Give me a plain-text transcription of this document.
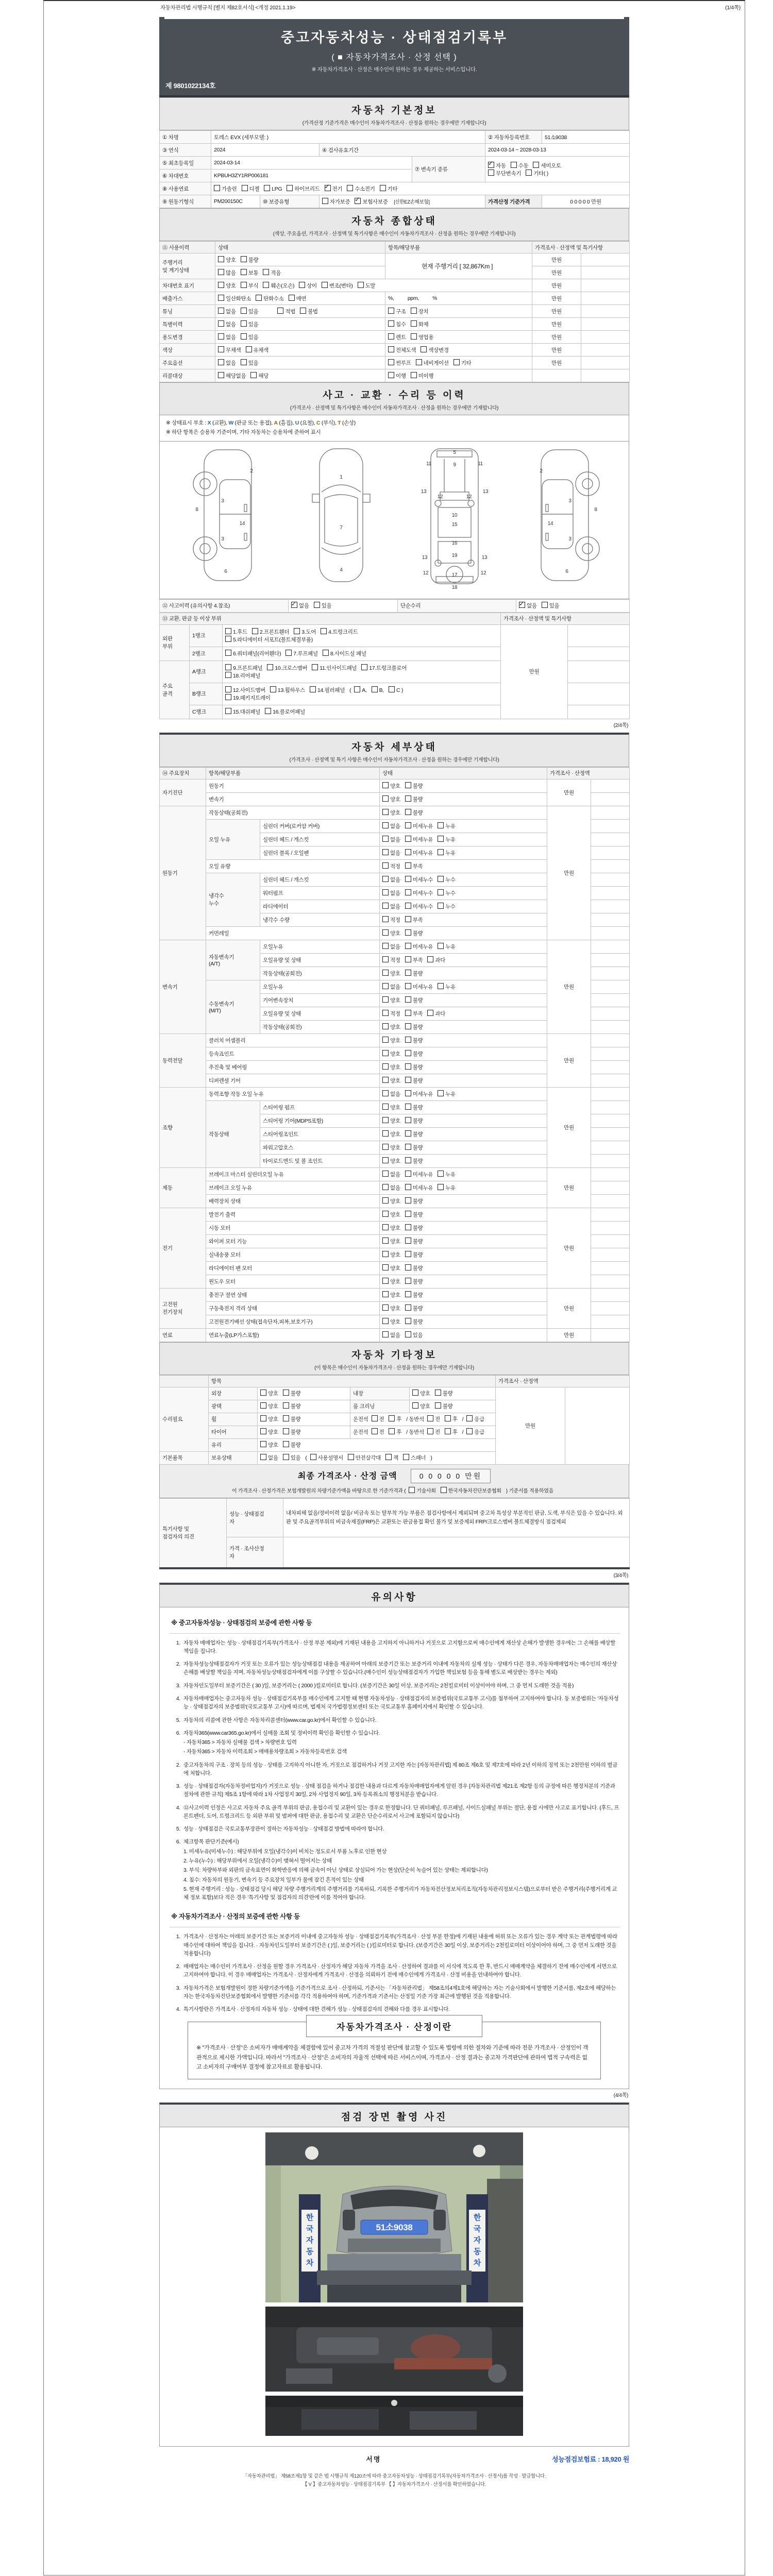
자동차관리법 시행규칙 [별지 제82호서식] <개정 2021.1.19>	(1/4쪽)
중고자동차성능 · 상태점검기록부
( ■ 자동차가격조사 · 산정 선택 )
※ 자동차가격조사 · 산정은 매수인이 원하는 경우 제공하는 서비스입니다.
제 9801022134호
자동차 기본정보
(가격산정 기준가격은 매수인이 자동차가격조사 · 산정을 원하는 경우에만 기재합니다)
① 차명	토레스 EVX (세부모델: )				② 자동차등록번호	51소9038
③ 연식	2024		④ 검사유효기간		2024-03-14 ~ 2028-03-13	
⑤ 최초등록일	2024-03-14			⑦ 변속기 종류	✓자동 수동 세미오토
무단변속기 기타( )
⑥ 차대번호	KPBUH3ZY1RP006181					
⑧ 사용연료	가솔린 디젤 LPG 하이브리드 ✓ 전기 수소전기 기타
⑨ 원동기형식	PM200150C	⑩ 보증유형	자가보증 ✓ 보험사보증 [신한EZ손해보험]		가격산정 기준가격	0 0 0 0 0 만원
자동차 종합상태
(색상, 주요옵션, 가격조사 · 산정액 및 특기사항은 매수인이 자동차가격조사 · 산정을 원하는 경우에만 기재합니다)
⑪ 사용이력	상태	항목/해당부품	가격조사 · 산정액 및 특기사항	
주행거리
및 계기상태	양호 불량	현재 주행거리 [ 32,867Km ]	만원	
	많음 보통 적음		만원	
차대번호 표기	양호 부식 훼손(오손) 상이 변조(변타) 도말		만원	
배출가스	일산화탄소 탄화수소 매연	%,          ppm,          %	만원	
튜닝	없음 있음 적법 불법	구조 장치	만원	
특별이력	없음 있음	침수 화재	만원	
용도변경	없음 있음	렌트 영업용	만원	
색상	무채색 유채색	전체도색 색상변경	만원	
주요옵션	없음 있음	썬루프 네비게이션 기타	만원	
리콜대상	해당없음 해당	이행 미이행		
사고 · 교환 · 수리 등 이력
(가격조사 · 산정액 및 특기사항은 매수인이 자동차가격조사 · 산정을 원하는 경우에만 기재합니다)
※ 상태표시 부호 : X (교환), W (판금 또는 용접), A (흠집), U (요철), C (부식), T (손상)
※ 하단 항목은 승용차 기준이며, 기타 자동차는 승용차에 준하여 표시
2
8
3
14
3
6
1
7
4
5
9
11	11
13	13
12	12
10
15
16
19
13	13
12	12
17
18
2
8
3
14
3
6
⑫ 사고이력 (유의사항 4.참조)	✓없음 있음	단순수리	✓없음 있음
⑬ 교환, 판금 등 이상 부위			가격조사 · 산정액 및 특기사항	
외판
부위	1랭크	1.후드 2.프론트휀더 3.도어 4.트렁크리드
5.라디에이터 서포트(볼트체결부품)	만원	
	2랭크	6.쿼터패널(리어휀다) 7.루프패널 8.사이드실 패널		
주요
골격	A랭크	9.프론트패널 10.크로스멤버 11.인사이드패널 17.트렁크플로어
18.리어패널		
	B랭크	12.사이드멤버 13.휠하우스 14.필러패널 ( A, B, C )
19.패키지트레이		
	C랭크	15.대쉬패널 16.플로어패널		
(2/4쪽)
자동차 세부상태
(가격조사 · 산정액 및 특기 사항은 매수인이 자동차가격조사 · 산정을 원하는 경우에만 기재합니다)
⑭ 주요장치	항목/해당부품		상태	가격조사 · 산정액	
자기진단	원동기		양호 불량	만원	
	변속기		양호 불량		
원동기	작동상태(공회전)		양호 불량	만원	
	오일 누유	실린더 커버(로커암 커버)	없음 미세누유 누유		
		실린더 헤드 / 개스킷	없음 미세누유 누유		
		실린더 블록 / 오일팬	없음 미세누유 누유		
	오일 유량		적정 부족		
	냉각수
누수	실린더 헤드 / 개스킷	없음 미세누수 누수		
		워터펌프	없음 미세누수 누수		
		라디에이터	없음 미세누수 누수		
		냉각수 수량	적정 부족		
	커먼레일		양호 불량		
변속기	자동변속기
(A/T)	오일누유	없음 미세누유 누유	만원	
		오일유량 및 상태	적정 부족 과다		
		작동상태(공회전)	양호 불량		
	수동변속기
(M/T)	오일누유	없음 미세누유 누유		
		기어변속장치	양호 불량		
		오일유량 및 상태	적정 부족 과다		
		작동상태(공회전)	양호 불량		
동력전달	클러치 어셈블리		양호 불량	만원	
	등속죠인트		양호 불량		
	추진축 및 베어링		양호 불량		
	디퍼렌셜 기어		양호 불량		
조향	동력조향 작동 오일 누유		없음 미세누유 누유	만원	
	작동상태	스티어링 펌프	양호 불량		
		스티어링 기어(MDPS포함)	양호 불량		
		스티어링조인트	양호 불량		
		파워고압호스	양호 불량		
		타이로드엔드 및 볼 조인트	양호 불량		
제동	브레이크 마스터 실린더오일 누유		없음 미세누유 누유	만원	
	브레이크 오일 누유		없음 미세누유 누유		
	배력장치 상태		양호 불량		
전기	발전기 출력		양호 불량	만원	
	시동 모터		양호 불량		
	와이퍼 모터 기능		양호 불량		
	실내송풍 모터		양호 불량		
	라디에이터 팬 모터		양호 불량		
	윈도우 모터		양호 불량		
고전원
전기장치	충전구 절연 상태		양호 불량	만원	
	구동축전지 격리 상태		양호 불량		
	고전원전기배선 상태(접속단자,피복,보호기구)		양호 불량		
연료	연료누출(LP가스포함)		없음 있음	만원	
자동차 기타정보
(이 항목은 매수인이 자동차가격조사 · 산정을 원하는 경우에만 기재합니다)
	항목				가격조사 · 산정액	
수리필요	외장	양호 불량	내장	양호 불량	만원	
	광택	양호 불량	룸 크리닝	양호 불량		
	휠	양호 불량	운전석 전 후 / 동반석 전 후 / 응급			
	타이어	양호 불량	운전석 전 후 / 동반석 전 후 / 응급			
	유리	양호 불량				
기본품목	보유상태	없음 있음 ( 사용설명서 안전삼각대 잭 스패너 )				
최종 가격조사 · 산정 금액	0 0 0 0 0 만원
이 가격조사 · 산정가격은 보험개발원의 차량기준가액을 바탕으로 한 기준가격과 ( 기술사회 한국자동차진단보증협회 ) 기준서를 적용하였음
특기사항 및
점검자의 의견	성능 · 상태점검
자	내차피해 없음/정비이력 없음/ 비금속 또는 탈부착 가능 부품은 점검사항에서 제외되며 중고차 특성상 부분적인 판금, 도색, 부식은 있을 수 있습니다. 외판 및 주요골격부위의 비금속재질(FRP)은 교환또는 판금용접 확인 불가 및 보증제외 FRP/크로스멤버 볼트체결방식 점검제외
	가격 · 조사산정
자	
(3/4쪽)
유의사항
※ 중고자동차성능 · 상태점검의 보증에 관한 사항 등
1. 자동차 매매업자는 성능 · 상태점검기록부(가격조사 · 산정 부분 제외)에 기재된 내용을 고지하지 아니하거나 거짓으로 고지함으로써 매수인에게 재산상 손해가 발생한 경우에는 그 손해를 배상할 책임을 집니다.
2. 자동차성능상태점검자가 거짓 또는 오류가 있는 성능상태점검 내용을 제공하여 아래의 보증기간 또는 보증거리 이내에 자동차의 실제 성능 · 상태가 다른 경우, 자동차매매업자는 매수인의 재산상 손해를 배상할 책임을 지며, 자동차성능상태점검자에게 이를 구상할 수 있습니다.(매수인이 성능상태점검자가 가입한 책임보험 등을 통해 별도로 배상받는 경우는 제외)
3. 자동차인도일부터 보증기간은 ( 30 )일, 보증거리는 ( 2000 )킬로미터로 합니다. (보증기간은 30일 이상, 보증거리는 2천킬로미터 이상이어야 하며, 그 중 먼저 도래한 것을 적용)
4. 자동차매매업자는 중고자동차 성능 · 상태점검기록부를 매수인에게 고지할 때 현행 자동차성능 · 상태점검자의 보증범위(국토교통부 고시)를 첨부하여 고지하여야 합니다. 동 보증범위는 '자동차성능 · 상태점검자의 보증범위'(국토교통부 고시)에 따르며, 법제처 국가법령정보센터 또는 국토교통부 홈페이지에서 확인할 수 있습니다.
5. 자동차의 리콜에 관한 사항은 자동차리콜센터(www.car.go.kr)에서 확인할 수 있습니다.
6. 자동차365(www.car365.go.kr)에서 실매물 조회 및 정비이력 확인을 확인할 수 있습니다.
- 자동차365 > 자동차 실매물 검색 > 차량번호 입력
- 자동차365 > 자동차 이력조회 > 매매용차량조회 > 자동차등록번호 검색
2. 중고자동차의 구조 · 장치 등의 성능 · 상태를 고지하지 아니한 자, 거짓으로 점검하거나 거짓 고지한 자는 [자동차관리법] 제 80조 제6호 및 제7호에 따라 2년 이하의 징역 또는 2천만원 이하의 벌금에 처합니다.
3. 성능 · 상태점검자(자동차정비업자)가 거짓으로 성능 · 상태 점검을 하거나 점검한 내용과 다르게 자동차매매업자에게 알린 경우 [자동차관리법 제21조 제2항 등의 규정에 따른 행정처분의 기준과 절차에 관한 규칙] 제5조 1항에 따라 1차 사업정지 30일, 2차 사업정지 90일, 3차 등록취소의 행정처분을 받습니다.
4. ⑫사고이력 인정은 사고로 자동차 주요 골격 부위의 판금, 용접수리 및 교환이 있는 경우로 한정합니다. 단 쿼터패널, 루프패널, 사이드실패널 부위는 절단, 용접 시에만 사고로 표기합니다. (후드, 프론트펜더, 도어, 트렁크리드 등 외판 부위 및 범퍼에 대한 판금, 용접수리 및 교환은 단순수리로서 사고에 포함되지 않습니다)
5. 성능 · 상태점검은 국토교통부장관이 정하는 자동차성능 · 상태점검 방법에 따라야 합니다.
6. 체크항목 판단기준(예시)
1. 미세누유(미세누수) : 해당부위에 오일(냉각수)이 비치는 정도로서 부품 노후로 인한 현상
2. 누유(누수) : 해당부위에서 오일(냉각수)이 맺혀서 떨어지는 상태
3. 부식: 차량하부와 외판의 금속표면이 화학반응에 의해 금속이 아닌 상태로 상실되어 가는 현상(단순히 녹슬어 있는 상태는 제외합니다)
4. 침수: 자동차의 원동기, 변속기 등 주요장치 일부가 물에 잠긴 흔적이 있는 상태
5. 현재 주행거리 : 성능 · 상태점검 당시 해당 차량 주행거리계의 주행거리를 기록하되, 기록한 주행거리가 자동차전산정보처리조직(자동차관리정보시스템)으로부터 받은 주행거리(주행거리계 교체 정보 포함)보다 적은 경우 '특기사항 및 점검자의 의견'란에 이를 적어야 합니다.
※ 자동차가격조사 · 산정의 보증에 관한 사항 등
1. 가격조사 · 산정자는 아래의 보증기간 또는 보증거리 이내에 중고자동차 성능 · 상태점검기록부(가격조사 · 산정 부분 한정)에 기재된 내용에 허위 또는 오류가 있는 경우 계약 또는 관계법령에 따라 매수인에 대하여 책임을 집니다. · 자동차인도일부터 보증기간은 ( )일, 보증거리는 ( )킬로미터로 합니다. (보증기간은 30일 이상, 보증거리는 2천킬로미터 이상이어야 하며, 그 중 먼저 도래한 것을 적용합니다)
2. 매매업자는 매수인이 가격조사 · 산정을 원할 경우 가격조사 · 산정자가 해당 자동차 가격을 조사 · 산정하여 결과를 이 서식에 적도록 한 후, 반드시 매매계약을 체결하기 전에 매수인에게 서면으로 고지하여야 합니다. 이 경우 매매업자는 가격조사 · 산정자에게 가격조사 · 산정을 의뢰하기 전에 매수인에게 가격조사 · 산정 비용을 안내하여야 합니다.
3. 자동차가격은 보험개발원이 정한 차량기준가액을 기준가격으로 조사 · 산정하되, 기준서는 「자동차관리법」 제58조의4제1호에 해당하는 자는 기술사회에서 발행한 기준서를, 제2호에 해당하는 자는 한국자동차진단보증협회에서 발행한 기준서를 각각 적용하여야 하며, 기준가격과 기준서는 산정일 기준 가장 최근에 발행된 것을 적용합니다.
4. 특기사항란은 가격조사 · 산정자의 자동차 성능 · 상태에 대한 견해가 성능 · 상태점검자의 견해와 다를 경우 표시합니다.
자동차가격조사 · 산정이란
※ "가격조사 · 산정"은 소비자가 매매계약을 체결함에 있어 중고차 가격의 적절성 판단에 참고할 수 있도록 법령에 의한 절차와 기준에 따라 전문 가격조사 · 산정인이 객관적으로 제시한 가액입니다. 따라서 "가격조사 · 산정"은 소비자의 자율적 선택에 따른 서비스이며, 가격조사 · 산정 결과는 중고차 가격판단에 관하여 법적 구속력은 없고 소비자의 구매여부 결정에 참고자료로 활용됩니다.
(4/4쪽)
점검 장면 촬영 사진
한
국
자
동
차
한
국
자
동
차
51소9038
서명	성능점검보험료 : 18,920 원
「자동차관리법」 제58조제1항 및 같은 법 시행규칙 제120조에 따라 중고자동차성능 · 상태점검기록부(자동차가격조사 · 산정서)를 작성 · 발급합니다.
【 V 】중고자동차성능 · 상태점검기록부 【 】자동차가격조사 · 산정서를 확인하였습니다.
